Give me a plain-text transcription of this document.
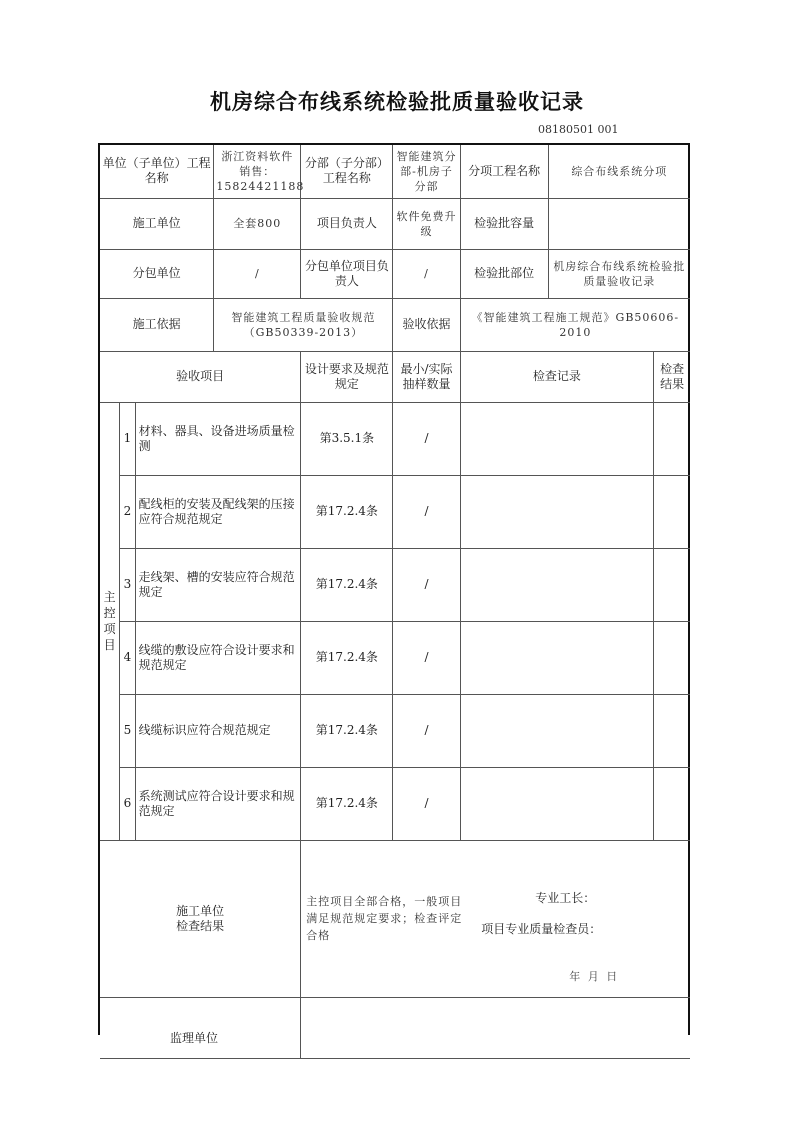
机房综合布线系统检验批质量验收记录
08180501 001
单位（子单位）工程名称			浙江资料软件销售：15824421188	分部（子分部）工程名称	智能建筑分部-机房子分部	分项工程名称	综合布线系统分项	
施工单位			全套800	项目负责人	软件免费升级	检验批容量		
分包单位			/	分包单位项目负责人	/	检验批部位	机房综合布线系统检验批质量验收记录	
施工依据			智能建筑工程质量验收规范（GB50339-2013）		验收依据	《智能建筑工程施工规范》GB50606-2010		
验收项目				设计要求及规范规定	最小/实际抽样数量	检查记录		检查结果
主控项目	1	材料、器具、设备进场质量检测		第3.5.1条	/			
	2	配线柜的安装及配线架的压接应符合规范规定		第17.2.4条	/			
	3	走线架、槽的安装应符合规范规定		第17.2.4条	/			
	4	线缆的敷设应符合设计要求和规范规定		第17.2.4条	/			
	5	线缆标识应符合规范规定		第17.2.4条	/			
	6	系统测试应符合设计要求和规范规定		第17.2.4条	/			
施工单位检查结果				主控项目全部合格，一般项目满足规范规定要求；检查评定合格
专业工长：
项目专业质量检查员：
年 月 日				

监理单位								
